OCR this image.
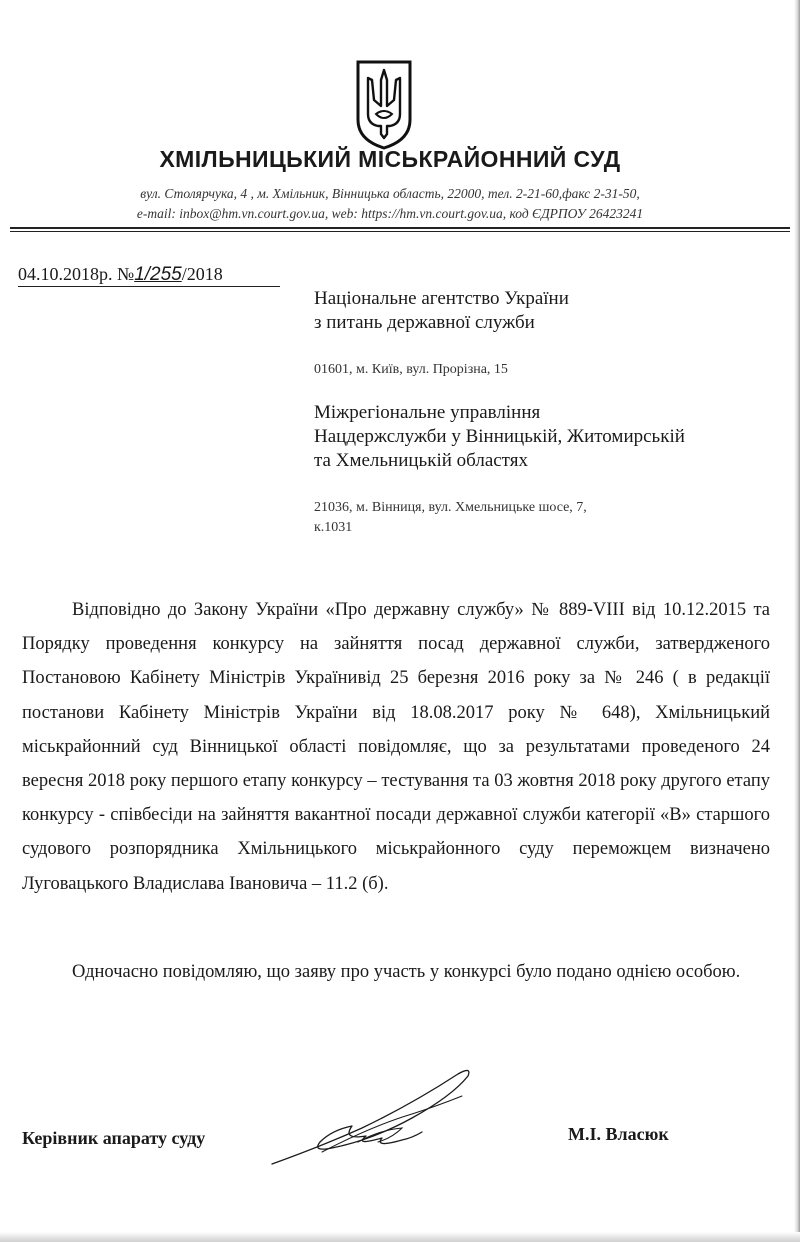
ХМІЛЬНИЦЬКИЙ МІСЬКРАЙОННИЙ СУД
вул. Столярчука, 4 , м. Хмільник, Вінницька область, 22000, тел. 2-21-60,факс 2-31-50,
e-mail: inbox@hm.vn.court.gov.ua, web: https://hm.vn.court.gov.ua, код ЄДРПОУ 26423241
04.10.2018р. №1/255/2018
Національне агентство України
з питань державної служби
01601, м. Київ, вул. Прорізна, 15
Міжрегіональне управління
Нацдержслужби у Вінницькій, Житомирській
та Хмельницькій областях
21036, м. Вінниця, вул. Хмельницьке шосе, 7,
к.1031

Відповідно до Закону України «Про державну службу» № 889-VIII від 10.12.2015 та Порядку проведення конкурсу на зайняття посад державної служби, затвердженого Постановою Кабінету Міністрів Українивід 25 березня 2016 року за № 246 ( в редакції постанови Кабінету Міністрів України від 18.08.2017 року № 648), Хмільницький міськрайонний суд Вінницької області повідомляє, що за результатами проведеного 24 вересня 2018 року першого етапу конкурсу – тестування та 03 жовтня 2018 року другого етапу конкурсу - співбесіди на зайняття вакантної посади державної служби категорії «В» старшого судового розпорядника Хмільницького міськрайонного суду переможцем визначено Луговацького Владислава Івановича – 11.2 (б).

Одночасно повідомляю, що заяву про участь у конкурсі було подано однією особою.

Керівник апарату суду	М.І. Власюк
